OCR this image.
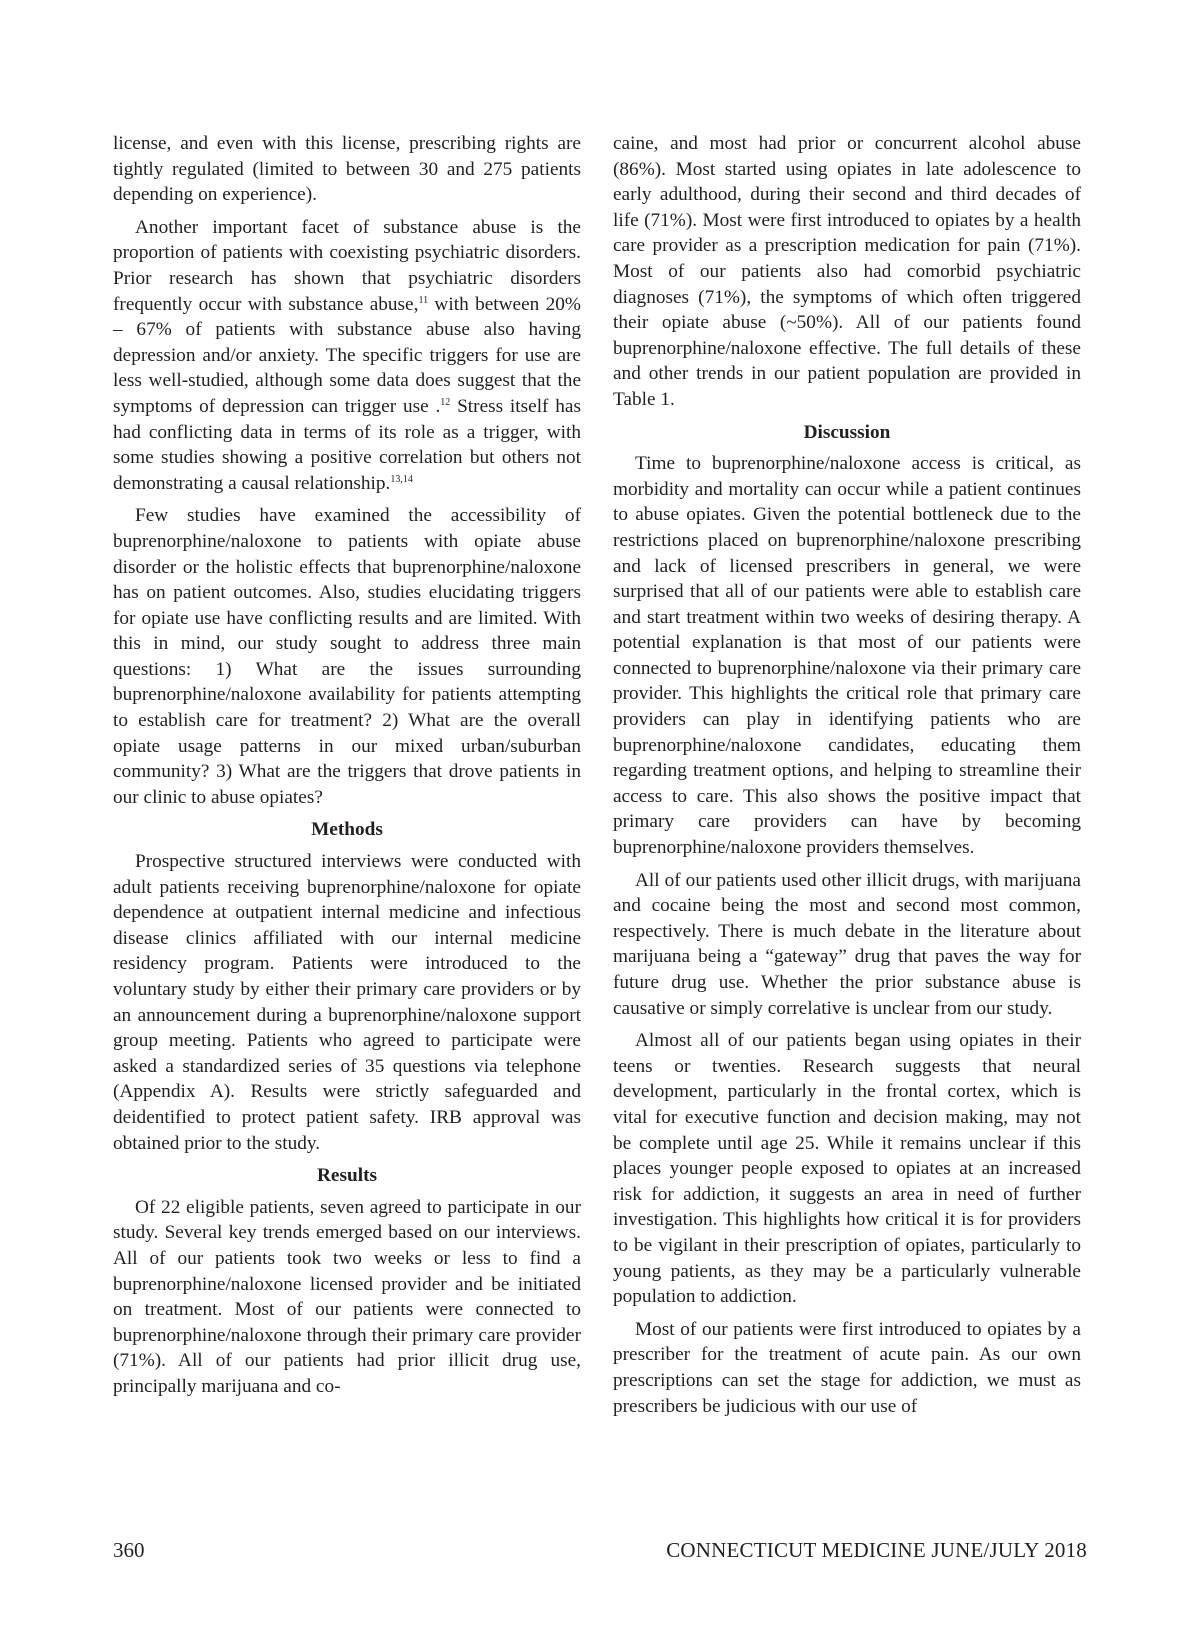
license, and even with this license, prescribing rights are tightly regulated (limited to between 30 and 275 patients depending on experience).

Another important facet of substance abuse is the proportion of patients with coexisting psychiatric disorders. Prior research has shown that psychiatric disorders frequently occur with substance abuse,$^{11}$ with between 20% – 67% of patients with substance abuse also having depression and/or anxiety. The specific triggers for use are less well-studied, although some data does suggest that the symptoms of depression can trigger use .$^{12}$ Stress itself has had conflicting data in terms of its role as a trigger, with some studies showing a positive correlation but others not demonstrating a causal relationship.$^{13,14}$

Few studies have examined the accessibility of buprenorphine/naloxone to patients with opiate abuse disorder or the holistic effects that buprenorphine/naloxone has on patient outcomes. Also, studies elucidating triggers for opiate use have conflicting results and are limited. With this in mind, our study sought to address three main questions: 1) What are the issues surrounding buprenorphine/naloxone availability for patients attempting to establish care for treatment? 2) What are the overall opiate usage patterns in our mixed urban/suburban community? 3) What are the triggers that drove patients in our clinic to abuse opiates?

Methods

Prospective structured interviews were conducted with adult patients receiving buprenorphine/naloxone for opiate dependence at outpatient internal medicine and infectious disease clinics affiliated with our internal medicine residency program. Patients were introduced to the voluntary study by either their primary care providers or by an announcement during a buprenorphine/naloxone support group meeting. Patients who agreed to participate were asked a standardized series of 35 questions via telephone (Appendix A). Results were strictly safeguarded and deidentified to protect patient safety. IRB approval was obtained prior to the study.

Results

Of 22 eligible patients, seven agreed to participate in our study. Several key trends emerged based on our interviews. All of our patients took two weeks or less to find a buprenorphine/naloxone licensed provider and be initiated on treatment. Most of our patients were connected to buprenorphine/naloxone through their primary care provider (71%). All of our patients had prior illicit drug use, principally marijuana and co-

caine, and most had prior or concurrent alcohol abuse (86%). Most started using opiates in late adolescence to early adulthood, during their second and third decades of life (71%). Most were first introduced to opiates by a health care provider as a prescription medication for pain (71%). Most of our patients also had comorbid psychiatric diagnoses (71%), the symptoms of which often triggered their opiate abuse (~50%). All of our patients found buprenorphine/naloxone effective. The full details of these and other trends in our patient population are provided in Table 1.

Discussion

Time to buprenorphine/naloxone access is critical, as morbidity and mortality can occur while a patient continues to abuse opiates. Given the potential bottleneck due to the restrictions placed on buprenorphine/naloxone prescribing and lack of licensed prescribers in general, we were surprised that all of our patients were able to establish care and start treatment within two weeks of desiring therapy. A potential explanation is that most of our patients were connected to buprenorphine/naloxone via their primary care provider. This highlights the critical role that primary care providers can play in identifying patients who are buprenorphine/naloxone candidates, educating them regarding treatment options, and helping to streamline their access to care. This also shows the positive impact that primary care providers can have by becoming buprenorphine/naloxone providers themselves.

All of our patients used other illicit drugs, with marijuana and cocaine being the most and second most common, respectively. There is much debate in the literature about marijuana being a “gateway” drug that paves the way for future drug use. Whether the prior substance abuse is causative or simply correlative is unclear from our study.

Almost all of our patients began using opiates in their teens or twenties. Research suggests that neural development, particularly in the frontal cortex, which is vital for executive function and decision making, may not be complete until age 25. While it remains unclear if this places younger people exposed to opiates at an increased risk for addiction, it suggests an area in need of further investigation. This highlights how critical it is for providers to be vigilant in their prescription of opiates, particularly to young patients, as they may be a particularly vulnerable population to addiction.

Most of our patients were first introduced to opiates by a prescriber for the treatment of acute pain. As our own prescriptions can set the stage for addiction, we must as prescribers be judicious with our use of

360	CONNECTICUT MEDICINE JUNE/JULY 2018
